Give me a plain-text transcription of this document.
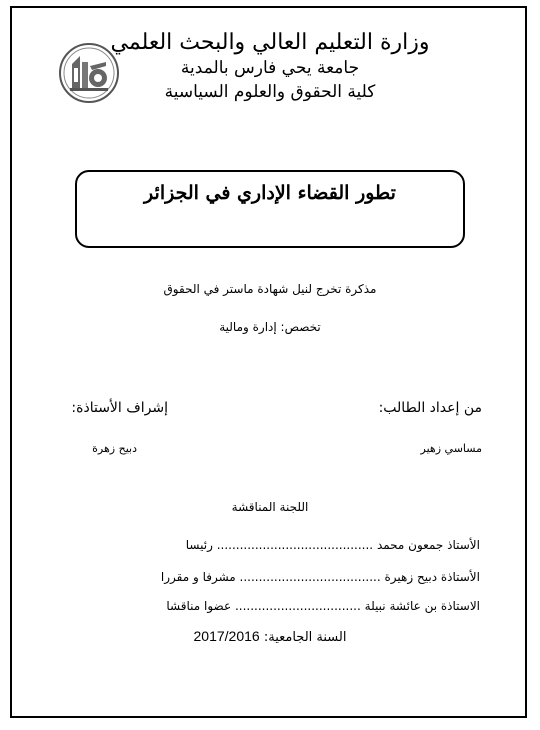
وزارة التعليم العالي والبحث العلمي
جامعة يحي فارس بالمدية
كلية الحقوق والعلوم السياسية
تطور القضاء الإداري في الجزائر
مذكرة تخرج لنيل شهادة ماستر في الحقوق
تخصص: إدارة ومالية
من إعداد الطالب:
إشراف الأستاذة:
مساسي زهير
دبيح زهرة
اللجنة المناقشة
الأستاذ جمعون محمد ......................................... رئيسا
الأستاذة دبيح زهيرة ..................................... مشرفا و مقررا
الاستاذة بن عائشة نبيلة ................................. عضوا مناقشا
السنة الجامعية: 2017/2016
